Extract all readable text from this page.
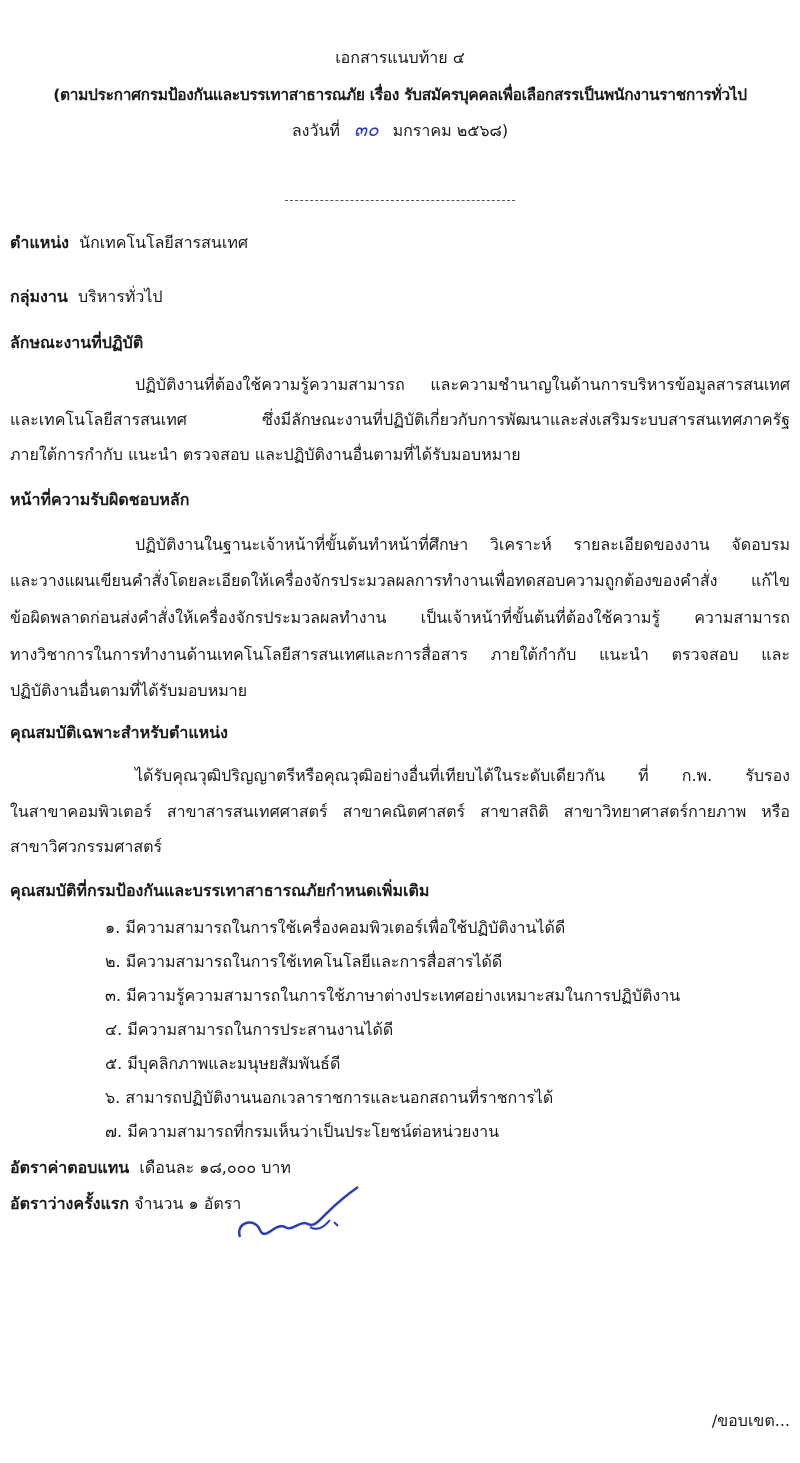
เอกสารแนบท้าย ๔
(ตามประกาศกรมป้องกันและบรรเทาสาธารณภัย เรื่อง รับสมัครบุคคลเพื่อเลือกสรรเป็นพนักงานราชการทั่วไป
ลงวันที่ ๓๐ มกราคม ๒๕๖๘)
ตำแหน่ง นักเทคโนโลยีสารสนเทศ
กลุ่มงาน บริหารทั่วไป
ลักษณะงานที่ปฏิบัติ
ปฏิบัติงานที่ต้องใช้ความรู้ความสามารถ และความชำนาญในด้านการบริหารข้อมูลสารสนเทศ
และเทคโนโลยีสารสนเทศ ซึ่งมีลักษณะงานที่ปฏิบัติเกี่ยวกับการพัฒนาและส่งเสริมระบบสารสนเทศภาครัฐ
ภายใต้การกำกับ แนะนำ ตรวจสอบ และปฏิบัติงานอื่นตามที่ได้รับมอบหมาย
หน้าที่ความรับผิดชอบหลัก
ปฏิบัติงานในฐานะเจ้าหน้าที่ขั้นต้นทำหน้าที่ศึกษา วิเคราะห์ รายละเอียดของงาน จัดอบรม
และวางแผนเขียนคำสั่งโดยละเอียดให้เครื่องจักรประมวลผลการทำงานเพื่อทดสอบความถูกต้องของคำสั่ง แก้ไข
ข้อผิดพลาดก่อนส่งคำสั่งให้เครื่องจักรประมวลผลทำงาน เป็นเจ้าหน้าที่ขั้นต้นที่ต้องใช้ความรู้ ความสามารถ
ทางวิชาการในการทำงานด้านเทคโนโลยีสารสนเทศและการสื่อสาร ภายใต้กำกับ แนะนำ ตรวจสอบ และ
ปฏิบัติงานอื่นตามที่ได้รับมอบหมาย
คุณสมบัติเฉพาะสำหรับตำแหน่ง
ได้รับคุณวุฒิปริญญาตรีหรือคุณวุฒิอย่างอื่นที่เทียบได้ในระดับเดียวกัน ที่ ก.พ. รับรอง
ในสาขาคอมพิวเตอร์ สาขาสารสนเทศศาสตร์ สาขาคณิตศาสตร์ สาขาสถิติ สาขาวิทยาศาสตร์กายภาพ หรือ
สาขาวิศวกรรมศาสตร์
คุณสมบัติที่กรมป้องกันและบรรเทาสาธารณภัยกำหนดเพิ่มเติม
๑. มีความสามารถในการใช้เครื่องคอมพิวเตอร์เพื่อใช้ปฏิบัติงานได้ดี
๒. มีความสามารถในการใช้เทคโนโลยีและการสื่อสารได้ดี
๓. มีความรู้ความสามารถในการใช้ภาษาต่างประเทศอย่างเหมาะสมในการปฏิบัติงาน
๔. มีความสามารถในการประสานงานได้ดี
๕. มีบุคลิกภาพและมนุษยสัมพันธ์ดี
๖. สามารถปฏิบัติงานนอกเวลาราชการและนอกสถานที่ราชการได้
๗. มีความสามารถที่กรมเห็นว่าเป็นประโยชน์ต่อหน่วยงาน
อัตราค่าตอบแทน เดือนละ ๑๘,๐๐๐ บาท
อัตราว่างครั้งแรก จำนวน ๑ อัตรา
/ขอบเขต...
